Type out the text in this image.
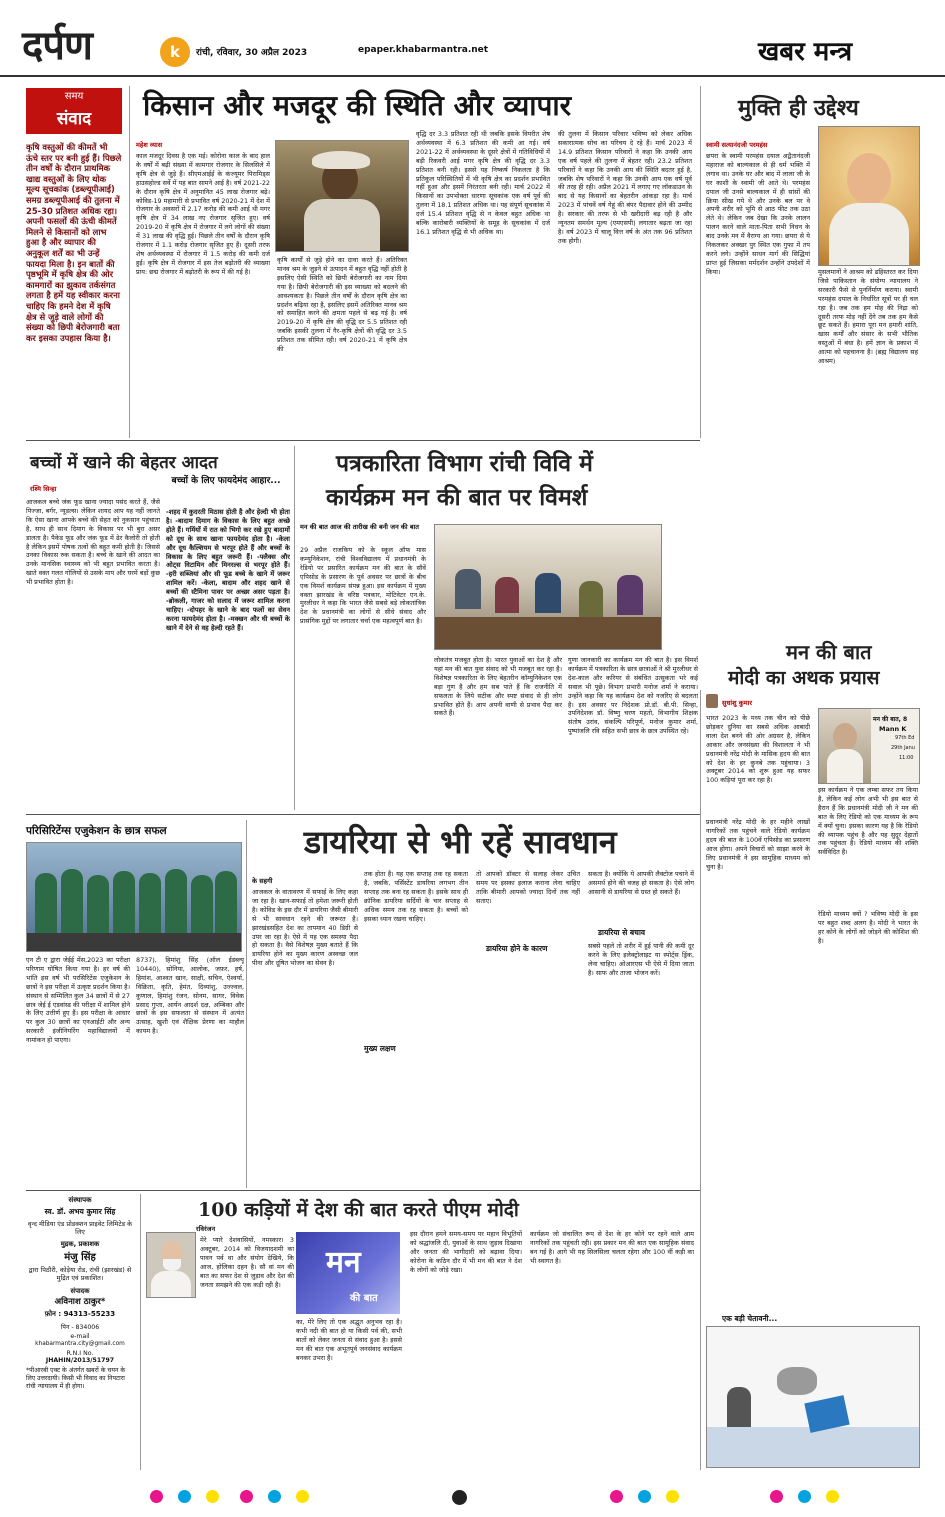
दर्पण	k	रांची, रविवार, 30 अप्रैल 2023	epaper.khabarmantra.net	खबर मन्त्र
समय
संवाद
कृषि वस्तुओं की कीमतें भी ऊंचे स्तर पर बनी हुई हैं। पिछले तीन वर्षों के दौरान प्राथमिक खाद्य वस्तुओं के लिए थोक मूल्य सूचकांक (डब्ल्यूपीआई) समग्र डब्ल्यूपीआई की तुलना में 25-30 प्रतिशत अधिक रहा। अपनी फसलों की ऊंची कीमतें मिलने से किसानों को लाभ हुआ है और व्यापार की अनुकूल शर्तें का भी उन्हें फायदा मिला है। इन बातों की पृष्ठभूमि में कृषि क्षेत्र की ओर कामगारों का झुकाव तर्कसंगत लगता है हमें यह स्वीकार करना चाहिए कि हमने देश में कृषि क्षेत्र से जुड़े वाले लोगों की संख्या को छिपी बेरोजगारी बता कर इसका उपहास किया है।
किसान और मजदूर की स्थिति और व्यापार
महेश व्यास
काल मजदूर दिवस है एक मई। कोरोना काल के बाद हाल के वर्षों में बढ़ी संख्या में कामगार रोजगार के सिलसिले में कृषि क्षेत्र से जुड़े हैं। सीएमआईई के कंज्यूमर पिरामिड्स हाउसहोल्ड सर्वे में यह बात सामने आई है। वर्ष 2021-22 के दौरान कृषि क्षेत्र में अनुमानित 45 लाख रोजगार बढ़े। कोविड-19 महामारी से प्रभावित वर्ष 2020-21 में देश में रोजगार के अवसरों में 2.17 करोड़ की कमी आई थी मगर कृषि क्षेत्र में 34 लाख नए रोजगार सृजित हुए। वर्ष 2019-20 में कृषि क्षेत्र में रोजगार में लगे लोगों की संख्या में 31 लाख की वृद्धि हुई। पिछले तीन वर्षों के दौरान कृषि रोजगार में 1.1 करोड़ रोजगार सृजित हुए हैं। दूसरी तरफ शेष अर्थव्यवस्था में रोजगार में 1.5 करोड़ की कमी दर्ज हुई। कृषि क्षेत्र में रोजगार में इस तेज बढ़ोतरी की व्याख्या प्राय: छद्म रोजगार में बढ़ोतरी के रूप में की गई है।
कृषि कार्यों से जुड़े होने का दावा करते हैं। अतिरिक्त मानव श्रम के जुड़ने से उत्पादन में बहुत वृद्धि नहीं होती है इसलिए ऐसी स्थिति को छिपी बेरोजगारी का नाम दिया गया है। छिपी बेरोजगारी की इस व्याख्या को बदलने की आवश्यकता है। पिछले तीन वर्षों के दौरान कृषि क्षेत्र का प्रदर्शन बढ़िया रहा है, इसलिए इसमें अतिरिक्त मानव श्रम को समाहित करने की क्षमता पहले से बढ़ गई है। वर्ष 2019-20 में कृषि क्षेत्र की वृद्धि दर 5.5 प्रतिशत रही जबकि इसकी तुलना में गैर-कृषि क्षेत्रों की वृद्धि दर 3.5 प्रतिशत तक सीमित रही। वर्ष 2020-21 में कृषि क्षेत्र की
वृद्धि दर 3.3 प्रतिशत रही थी जबकि इसके विपरीत शेष अर्थव्यवस्था में 6.3 प्रतिशत की कमी आ गई। वर्ष 2021-22 में अर्थव्यवस्था के दूसरे क्षेत्रों में गतिविधियों में बड़ी रिकवरी आई मगर कृषि क्षेत्र की वृद्धि दर 3.3 प्रतिशत बनी रही। इससे यह निष्कर्ष निकलता है कि प्रतिकूल परिस्थितियों में भी कृषि क्षेत्र का प्रदर्शन प्रभावित नहीं हुआ और इसमें निरंतरता बनी रही। मार्च 2022 में किसानों का उपभोक्ता धारणा सूचकांक एक वर्ष पूर्व की तुलना में 18.1 प्रतिशत अधिक था। यह संपूर्ण सूचकांक में दर्ज 15.4 प्रतिशत वृद्धि से न केवल बहुत अधिक था बल्कि कारोबारी व्यक्तियों के समूह के सूचकांक में दर्ज 16.1 प्रतिशत वृद्धि से भी अधिक था।
की तुलना में किसान परिवार भविष्य को लेकर अधिक सकारात्मक सोच का परिचय दे रहे हैं। मार्च 2023 में 14.9 प्रतिशत किसान परिवारों ने कहा कि उनकी आय एक वर्ष पहले की तुलना में बेहतर रही। 23.2 प्रतिशत परिवारों ने कहा कि उनकी आय की स्थिति बदतर हुई है, जबकि शेष परिवारों ने कहा कि उनकी आय एक वर्ष पूर्व की तरह ही रही। अप्रैल 2021 में लगाए गए लॉकडाउन के बाद से यह किसानों का बेहतरीन आंकड़ा रहा है। मार्च 2023 में पांचवें वर्ष गेहूं की बंपर पैदावार होने की उम्मीद है। सरकार की तरफ से भी खरीदारी बढ़ रही है और न्यूनतम समर्थन मूल्य (एमएसपी) लगातार बढ़ता जा रहा है। वर्ष 2023 में चालू वित्त वर्ष के अंत तक 96 प्रतिशत तक होगी।
मुक्ति ही उद्देश्य
स्वामी सत्यानंदजी परमहंस
छपरा के स्वामी परमहंस दयाल अद्वैतानंदजी महाराज को बाल्यकाल से ही धर्म भक्ति में लगाव था। उनके घर और बाद में लाला जी के घर काशी के स्वामी जी आते थे। परमहंस दयाल जी उनसे बाल्यकाल में ही सांसों की क्रिया सीख गये थे और उनके बल पर वे अपनी शरीर को भूमि से आठ फीट तक उठा लेते थे। लेकिन जब देखा कि उनके लालन पालन करने वाले माता-पिता सभी निधन के बाद उनके मन में वैराग्य आ गया। छपरा से ये निकलकर अक्खर पुर स्थित एक गुफा में तप करने लगे। उन्होंने साधन मार्ग की सिद्धियां प्राप्त हुई जिसका मर्मदर्शन उन्होंने उपदेशों में किया।	मुसलमानों ने आश्रम को ढहिस्तरत कर दिया जिसे पाकिस्तान के संयोग्य न्यायालय ने सरकारी फैसे से पुनर्निर्माण कराया। स्वामी परमहंस दयाल के निर्धारित सूत्रों पर ही चल रहा है। जब तक हम मोह की निद्रा को दूसरी तरफ मोड़ नहीं देंगे तब तक हम कैसे छूट सकते हैं। हमारा पूरा मन हमारी शांति, खास कर्मों और संसार के सभी भौतिक वस्तुओं में बंधा है। हमें ज्ञान के प्रकाश में आत्मा को पहचानना है। (ब्रह्म विद्यालय सह आश्रम)
बच्चों में खाने की बेहतर आदत
रश्मि सिन्हा
आजकल बच्चे जंक फूड खाना ज्यादा पसंद करते हैं, जैसे पिज्जा, बर्गर, न्यूडल्स। लेकिन शायद आप यह नहीं जानते कि ऐसा खाना आपके बच्चे की सेहत को नुकसान पहुंचाता है, साथ ही साथ दिमाग के विकास पर भी बुरा असर डालता है। पैकेड फूड और जंक फूड में ढेर कैलोरी तो होती है लेकिन इसमें पोषक तत्वों की बहुत कमी होती है। जिससे उनका विकास रुक सकता है। बच्चे के खाने की आदत का उनके मानसिक स्वास्थ्य को भी बहुत प्रभावित करता है। खाते वक्त गलत गोलियों से उसके माप और घरमें बड़ों कुछ भी प्रभावित होता है।
बच्चों के लिए फायदेमंद आहार...
-शहद में कुदरती मिठास होती है और हेल्दी भी होता है। -बादाम दिमाग के विकास के लिए बहुत अच्छे होते हैं। गर्मियों में रात को भिगो कर रखे हुए बादामों को दूध के साथ खाना फायदेमंद होता है। -केला और दूध कैल्शियम से भरपूर होते हैं और बच्चों के विकास के लिए बहुत जरूरी हैं। -फ्लैक्स और ओट्स विटामिन और मिनरल्स से भरपूर होते हैं। -हरी सब्जियां और सी फूड बच्चे के खाने में जरूर शामिल करें। -केला, बादाम और शहद खाने से बच्चों की स्टैमिना पावर पर अच्छा असर पड़ता है। -ब्रोकली, गाजर को सलाद में जरूर शामिल करना चाहिए। -दोपहर के खाने के बाद फलों का सेवन करना फायदेमंद होता है। -मक्खन और घी बच्चों के खाने में देने से वह हेल्दी रहते हैं।
पत्रकारिता विभाग रांची विवि में
कार्यक्रम मन की बात पर विमर्श
मन की बात आज की तारीख की बनी जन की बात
29 अप्रैल राजकिय को के स्कूल ऑफ मास कम्युनिकेशन, रांची विश्वविद्यालय में प्रधानमंत्री के रेडियो पर प्रसारित कार्यक्रम मन की बात के सौवें एपिसोड के प्रसारण के पूर्व अवसर पर छात्रों के बीच एक विमर्श कार्यक्रम संपन्न हुआ। इस कार्यक्रम में मुख्य वक्ता झारखंड के वरिष्ठ पत्रकार, मोटिवेटर एन.के. मुरलीधर ने कहा कि भारत जैसे सबसे बड़े लोकतांत्रिक देश के प्रधानमंत्री का लोगों से सीधे संवाद और प्रासंगिक मुद्दों पर लगातार चर्चा एक महत्वपूर्ण बात है।
लोकतंत्र मजबूत होता है। भारत युवाओं का देश है और यहां मन की बात युवा संवाद को भी मजबूत कर रहा है। विशेषज्ञ पत्रकारिता के लिए बेहतरीन कॉम्युनिकेशन एक बड़ा गुण है और हम सब पाते हैं कि राजनीति में सफलता के लिये सटीक और स्पष्ट संवाद से ही लोग प्रभावित होते हैं। आप अपनी वाणी से प्रभाव पैदा कर सकते हैं।
गुणा जानकारी का कार्यक्रम मन की बात है। इस विमर्श कार्यक्रम में पत्रकारिता के छात्र छात्राओं ने श्री मुरलीधर से देश-काल और करियर से संबंधित उत्सुकता भरे कई सवाल भी पूछे। विभाग प्रभारी मनोज शर्मा ने कराया। उन्होंने कहा कि यह कार्यक्रम देश को नजरिए से बदलता है। इस अवसर पर निदेशक प्रो.डॉ. बी.पी. सिन्हा, उपनिदेशक डॉ. विष्णु चरण महतो, विभागीय शिक्षक संतोष उरांव, संकल्पि परिपूर्ण, मनोज कुमार शर्मा, पुष्पांजलि रवि सहित सभी छात्र के छात्र उपस्थित रहे।
मन की बात
मोदी का अथक प्रयास
सुधांशु कुमार
भारत 2023 के मध्य तक चीन को पीछे छोड़कर दुनिया का सबसे अधिक आबादी वाला देश बनने की ओर अग्रसर है, लेकिन आकार और जनसंख्या की विशालता ने भी प्रधानमंत्री नरेंद्र मोदी के मासिक हृदय की बात को देश के हर कुनबे तक पहुंचाया। 3 अक्टूबर 2014 को शुरू हुआ यह सफर 100 कड़ियां पूरा कर रहा है।
मन की बात, 8
Mann K
97th Ed
29th Janu
11:00
इस कार्यक्रम ने एक लम्बा सफर तय किया है, लेकिन कई लोग अभी भी इस बात से हैरान हैं कि प्रधानमंत्री मोदी जी ने मन की बात के लिए रेडियो को एक माध्यम के रूप में क्यों चुना। इसका कारण यह है कि रेडियो की व्यापक पहुंच है और यह सुदूर देहातों तक पहुंचता है। रेडियो माध्यम की शक्ति सर्वविदित है।
परिसिरिटेंग्स एजुकेशन के छात्र सफल
एन टी ए द्वारा जेईई मेंस,2023 का परीक्षा परिणाम घोषित किया गया है। हर वर्ष की भांति इस वर्ष भी परसिरिटेंस एजुकेशन के छात्रों ने इस परीक्षा में उत्कृष्ट प्रदर्शन किया है। संस्थान से सम्मिलित कुल 34 छात्रों में से 27 छात्र जेई ई एडवांस्ड की परीक्षा में शामिल होने के लिए उत्तीर्ण हुए हैं। इस परीक्षा के आधार पर कुल 30 छात्रों का एनआईटी और अन्य सरकारी इंजीनियरिंग महाविद्यालयों में नामांकन हो पाएगा।
8737), हिमांशु सिंह (ऑल ईडब्ल्यू 10440), सोनिया, आलोक, जफ़र, हर्ष, हिमांश, आश्वत खान, साक्षी, सचिन, ऐश्वर्या, विक्रिता, कृति, हेमंत, दिव्यांशु, उज्ज्वल, कुणाल, हिमांशु रंजन, सोनम, सागर, विवेक प्रसाद गुप्ता, आर्यन आदर्श दक्ष, अम्बिका और छात्रों के इस सफलता से संस्थान में अत्यंत उत्साह, खुशी एवं शैक्षिक प्रेरणा का माहौल कायम है।
डायरिया से भी रहें सावधान
के सहगी
आजकल के वातावरण में सफाई के लिए कहा जा रहा है। खान-सफाई तो हमेशा जरूरी होती है। कोविड के इस दौर में डायरिया जैसी बीमारी से भी सावधान रहने की जरूरत है। झारखंडसहित देश का तापमान 40 डिग्री से उपर जा रहा है। ऐसे में यह एक समस्या पैदा हो सकता है। वैसे विशेषज्ञ मुख्य बताते हैं कि डायरिया होने का मुख्य कारण अस्वच्छ जल पीना और दूषित भोजन का सेवन है।
तक होता है। यह एक सप्ताह तक रह सकता है, जबकि, पर्सिस्टेंट डायरिया लगभग तीन सप्ताह तक बना रह सकता है। इसके साथ ही क्रॉनिक डायरिया सर्दियों के चार सप्ताह से अधिक समय तक रह सकता है। बच्चों को इसका ध्यान रखना चाहिए।
मुख्य लक्षण
तो आपको डॉक्टर से सलाह लेकर उचित समय पर इसका इलाज कराना लेना चाहिए ताकि बीमारी आपको ज्यादा दिनों तक नहीं सताए।
डायरिया होने के कारण
सकता है। क्योंकि ये आपकी लैक्टोज पचाने में असमर्थ होने की वजह हो सकता है। ऐसे लोग आसानी से डायरिया से ग्रस्त हो सकते हैं।
डायरिया से बचाव
सबसे पहले तो शरीर में हुई पानी की कमी दूर करने के लिए इलेक्ट्रोलाइट या स्पोर्ट्स ड्रिंक, लेना चाहिए। ओआरएस भी ऐसे में दिया जाता है। साफ और ताजा भोजन करें।
प्रधानमंत्री नरेंद्र मोदी के हर महीने लाखों नागरिकों तक पहुंचने वाले रेडियो कार्यक्रम हृदय की बात के 100वें एपिसोड का प्रसारण आज होगा। अपने विचारों को साझा करने के लिए प्रधानमंत्री ने इस सामूहिक माध्यम को चुना है।
रेडियो माध्यम क्यों ? भविष्य मोदी के इस पर बहुत शब्द अलग है। मोदी ने भारत के हर कोने के लोगों को जोड़ने की कोशिश की है।
एक बड़ी चेतावनी...
संस्थापक
स्व. डॉ. अभय कुमार सिंह
वृन्द मीडिया एंड प्रोडक्शन प्राइवेट लिमिटेड के लिए
मुद्रक, प्रकाशक
मंजु सिंह
द्वारा पिठौरी, कोड़ेया रोड, रांची (झारखंड) से मुद्रित एवं प्रकाशित।
संपादक
अविनाश ठाकुर*
फ़ोन : 94313-55233
पिन - 834006
e-mail
khabarmantra.city@gmail.com
R.N.I No.
JHAHIN/2013/51797
*पीआरबी एक्ट के अंतर्गत खबरों के चयन के लिए उत्तरदायी। किसी भी विवाद का निपटारा रांची न्यायालय में ही होगा।
100 कड़ियों में देश की बात करते पीएम मोदी
रविरंजन
मेरे प्यारे देशवासियों, नमस्कार। 3 अक्टूबर, 2014 को विजयादशमी का पावन पर्व था और संयोग देखिये, कि आज, होलिका दहन है। सौ वां मन की बात का सफर देश से जुड़ाव और देश की जनता समझने की एक कड़ी रही है।
मन
की बात
का, मेरे लिए तो एक अद्भुत अनुभव रहा है। कभी नदी की बात हो या किसी पर्व की, सभी बातों को लेकर जनता से संवाद हुआ है। इससे मन की बात एक अभूतपूर्व जनसंवाद कार्यक्रम बनकर उभरा है।
इस दौरान हमने समय-समय पर महान विभूतियों को श्रद्धांजलि दी, युवाओं के साथ जुड़ाव दिखाया और जनता की भागीदारी को बढ़ावा दिया। कोरोना के कठिन दौर में भी मन की बात ने देश के लोगों को जोड़े रखा।
कार्यक्रम जो संचालित रूप से देश के हर कोने पर रहने वाले आम नागरिकों तक पहुंचती रही। इस प्रकार मन की बात एक सामूहिक संवाद बन गई है। आगे भी यह सिलसिला चलता रहेगा और 100 वीं कड़ी का भी स्वागत है।
